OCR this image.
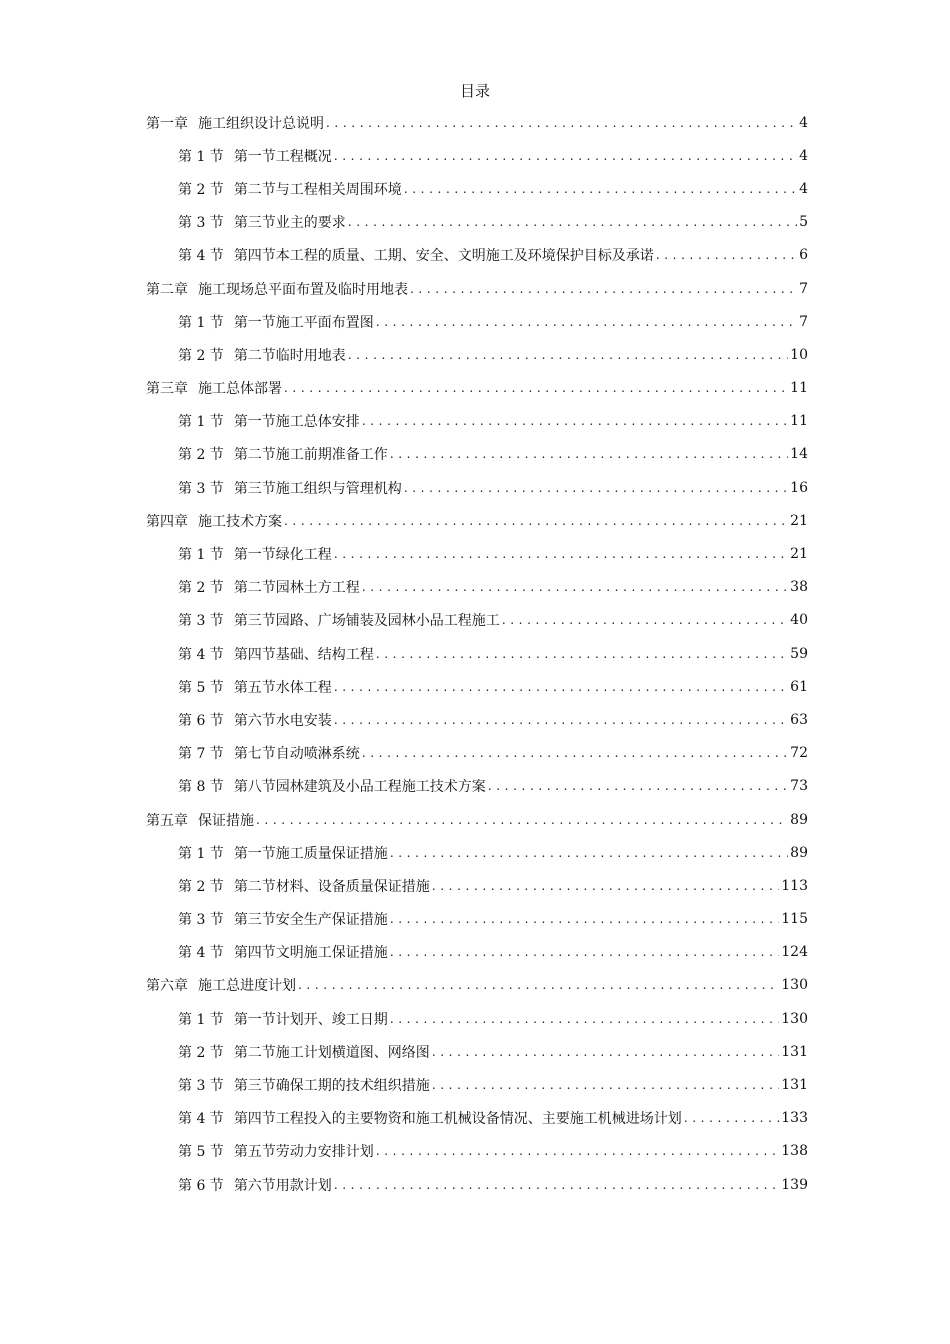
目录
第一章 施工组织设计总说明 . . .	4
第 1 节 第一节工程概况 . . .	4
第 2 节 第二节与工程相关周围环境 . . .	4
第 3 节 第三节业主的要求 . . .	5
第 4 节 第四节本工程的质量、工期、安全、文明施工及环境保护目标及承诺 . . .	6
第二章 施工现场总平面布置及临时用地表 . . .	7
第 1 节 第一节施工平面布置图 . . .	7
第 2 节 第二节临时用地表 . . .	10
第三章 施工总体部署 . . .	11
第 1 节 第一节施工总体安排 . . .	11
第 2 节 第二节施工前期准备工作 . . .	14
第 3 节 第三节施工组织与管理机构 . . .	16
第四章 施工技术方案 . . .	21
第 1 节 第一节绿化工程 . . .	21
第 2 节 第二节园林土方工程 . . .	38
第 3 节 第三节园路、广场铺装及园林小品工程施工 . . .	40
第 4 节 第四节基础、结构工程 . . .	59
第 5 节 第五节水体工程 . . .	61
第 6 节 第六节水电安装 . . .	63
第 7 节 第七节自动喷淋系统 . . .	72
第 8 节 第八节园林建筑及小品工程施工技术方案 . . .	73
第五章 保证措施 . . .	89
第 1 节 第一节施工质量保证措施 . . .	89
第 2 节 第二节材料、设备质量保证措施 . . .	113
第 3 节 第三节安全生产保证措施 . . .	115
第 4 节 第四节文明施工保证措施 . . .	124
第六章 施工总进度计划 . . .	130
第 1 节 第一节计划开、竣工日期 . . .	130
第 2 节 第二节施工计划横道图、网络图 . . .	131
第 3 节 第三节确保工期的技术组织措施 . . .	131
第 4 节 第四节工程投入的主要物资和施工机械设备情况、主要施工机械进场计划 . . .	133
第 5 节 第五节劳动力安排计划 . . .	138
第 6 节 第六节用款计划 . . .	139
